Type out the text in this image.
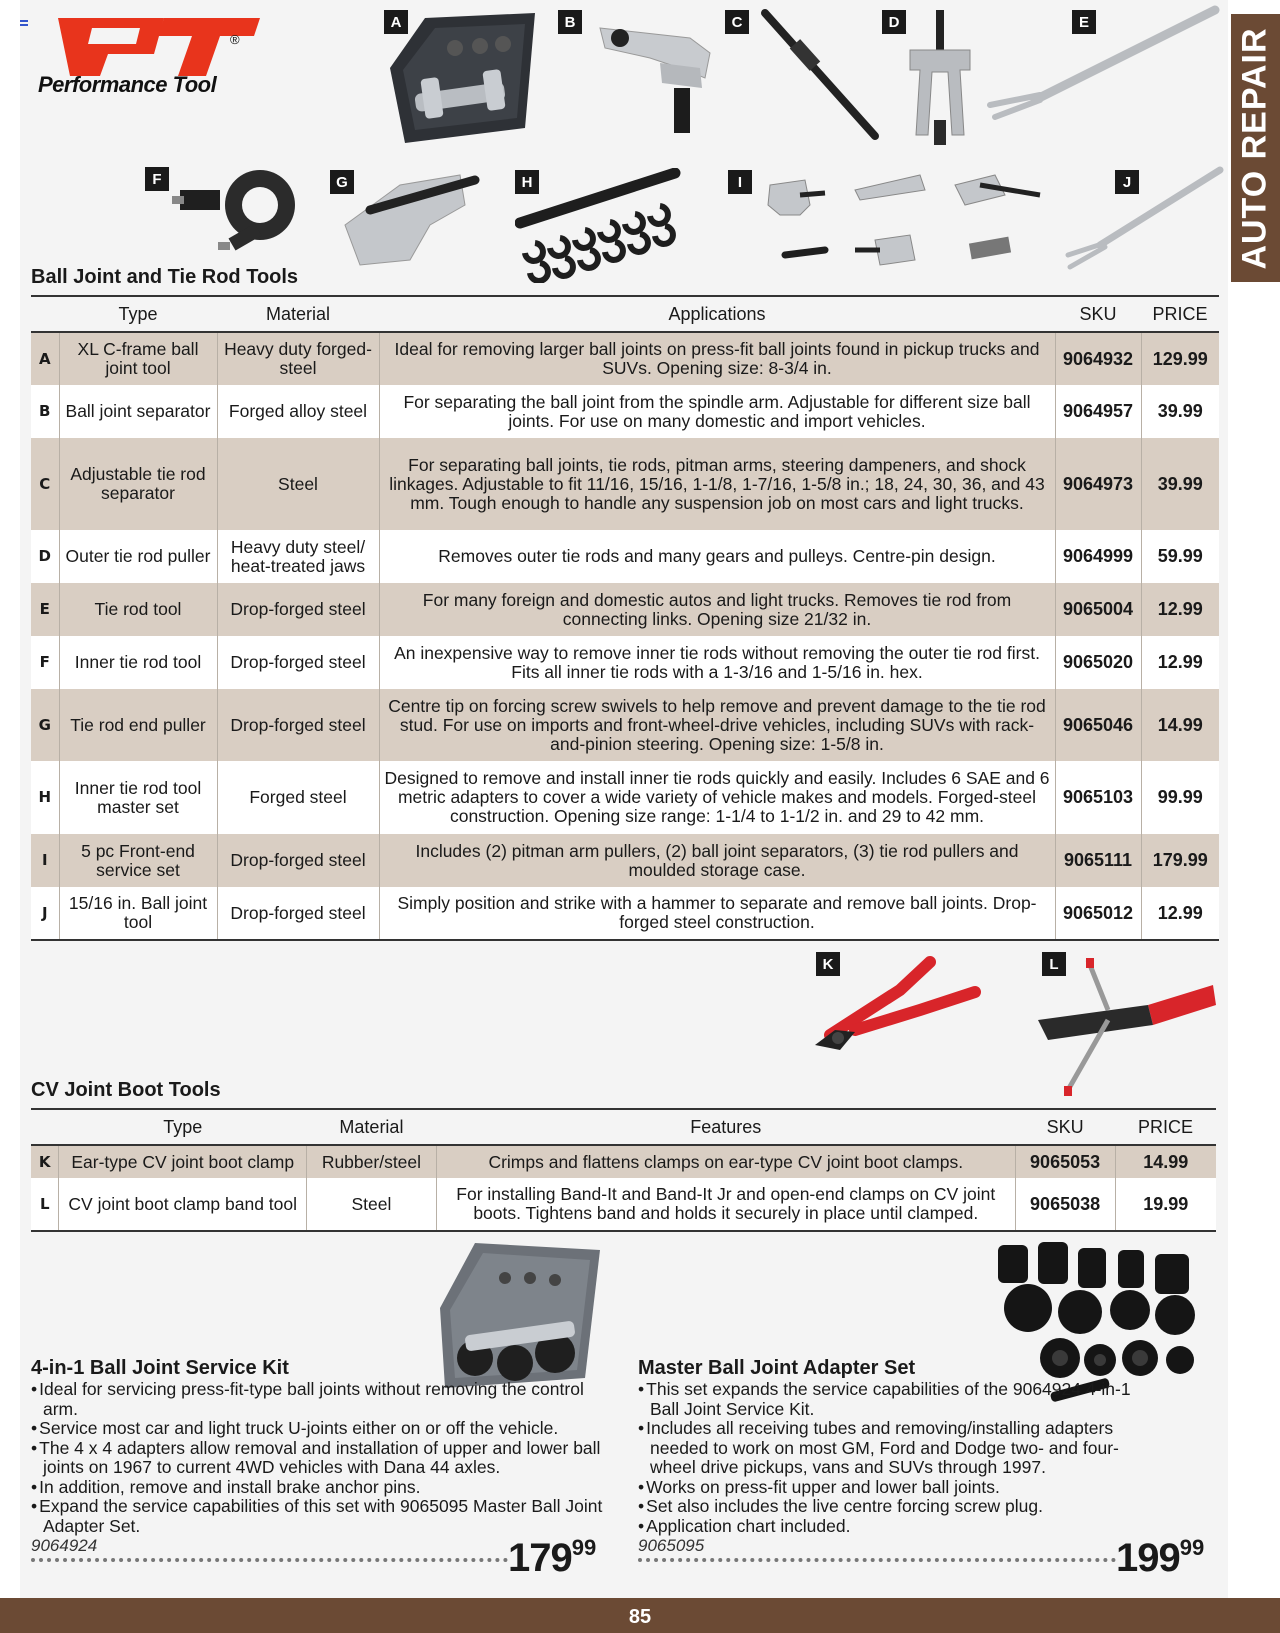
®
Performance Tool	AUTO REPAIR
A	B	C	D	E
F	G	H	I	J
K	L
Ball Joint and Tie Rod Tools
	Type	Material	Applications	SKU	PRICE
A	XL C-frame ball joint tool	Heavy duty forged-steel	Ideal for removing larger ball joints on press-fit ball joints found in pickup trucks and SUVs. Opening size: 8-3/4 in.	9064932	129.99
B	Ball joint separator	Forged alloy steel	For separating the ball joint from the spindle arm. Adjustable for different size ball joints. For use on many domestic and import vehicles.	9064957	39.99
C	Adjustable tie rod separator	Steel	For separating ball joints, tie rods, pitman arms, steering dampeners, and shock linkages. Adjustable to fit 11/16, 15/16, 1-1/8, 1-7/16, 1-5/8 in.; 18, 24, 30, 36, and 43 mm. Tough enough to handle any suspension job on most cars and light trucks.	9064973	39.99
D	Outer tie rod puller	Heavy duty steel/ heat-treated jaws	Removes outer tie rods and many gears and pulleys. Centre-pin design.	9064999	59.99
E	Tie rod tool	Drop-forged steel	For many foreign and domestic autos and light trucks. Removes tie rod from connecting links. Opening size 21/32 in.	9065004	12.99
F	Inner tie rod tool	Drop-forged steel	An inexpensive way to remove inner tie rods without removing the outer tie rod first. Fits all inner tie rods with a 1-3/16 and 1-5/16 in. hex.	9065020	12.99
G	Tie rod end puller	Drop-forged steel	Centre tip on forcing screw swivels to help remove and prevent damage to the tie rod stud. For use on imports and front-wheel-drive vehicles, including SUVs with rack-and-pinion steering. Opening size: 1-5/8 in.	9065046	14.99
H	Inner tie rod tool master set	Forged steel	Designed to remove and install inner tie rods quickly and easily. Includes 6 SAE and 6 metric adapters to cover a wide variety of vehicle makes and models. Forged-steel construction. Opening size range: 1-1/4 to 1-1/2 in. and 29 to 42 mm.	9065103	99.99
I	5 pc Front-end service set	Drop-forged steel	Includes (2) pitman arm pullers, (2) ball joint separators, (3) tie rod pullers and moulded storage case.	9065111	179.99
J	15/16 in. Ball joint tool	Drop-forged steel	Simply position and strike with a hammer to separate and remove ball joints. Drop-forged steel construction.	9065012	12.99
CV Joint Boot Tools
	Type	Material	Features	SKU	PRICE
K	Ear-type CV joint boot clamp	Rubber/steel	Crimps and flattens clamps on ear-type CV joint boot clamps.	9065053	14.99
L	CV joint boot clamp band tool	Steel	For installing Band-It and Band-It Jr and open-end clamps on CV joint boots. Tightens band and holds it securely in place until clamped.	9065038	19.99
4-in-1 Ball Joint Service Kit
• Ideal for servicing press-fit-type ball joints without removing the control arm.
• Service most car and light truck U-joints either on or off the vehicle.
• The 4 x 4 adapters allow removal and installation of upper and lower ball joints on 1967 to current 4WD vehicles with Dana 44 axles.
• In addition, remove and install brake anchor pins.
• Expand the service capabilities of this set with 9065095 Master Ball Joint Adapter Set.
9064924	$179^{99}$
Master Ball Joint Adapter Set
• This set expands the service capabilities of the 9064924 4-in-1 Ball Joint Service Kit.
• Includes all receiving tubes and removing/installing adapters needed to work on most GM, Ford and Dodge two- and four-wheel drive pickups, vans and SUVs through 1997.
• Works on press-fit upper and lower ball joints.
• Set also includes the live centre forcing screw plug.
• Application chart included.
9065095	$199^{99}$
85
